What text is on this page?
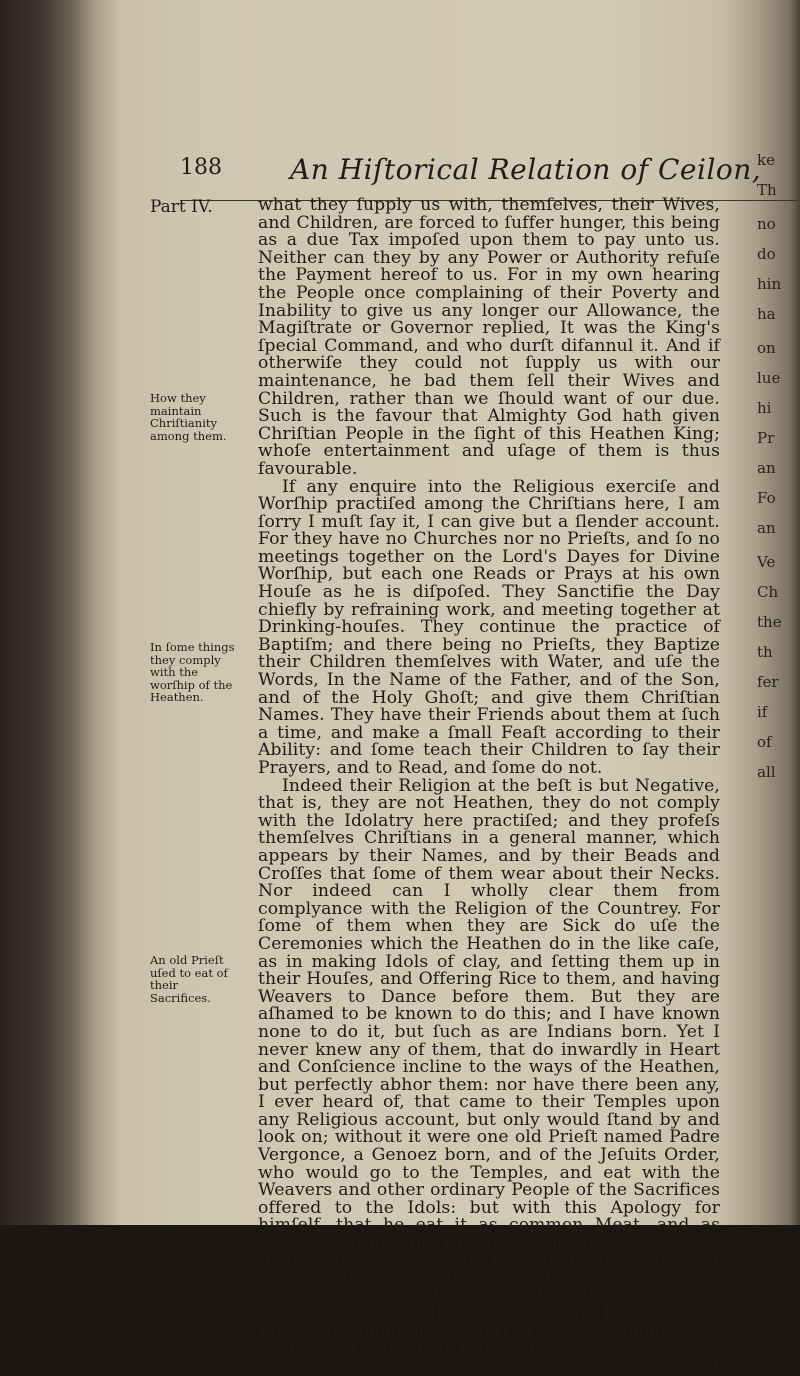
ke
Th
no
do
hin
ha
on
lue
hi
Pr
an
Fo
an
Ve
Ch
the
th
fer
if
of
all
188 An Hiſtorical Relation of Ceilon,
Part IV.
How they maintain Chriſtianity among them.
In ſome things they comply with the worſhip of the Heathen.
An old Prieſt uſed to eat of their Sacrifices.

what they ſupply us with, themſelves, their Wives, and Children, are forced to ſuffer hunger, this being as a due Tax impoſed upon them to pay unto us. Neither can they by any Power or Authority refuſe the Payment hereof to us. For in my own hearing the People once complaining of their Poverty and Inability to give us any longer our Allowance, the Magiſtrate or Governor replied, It was the King's ſpecial Command, and who durſt difannul it. And if otherwiſe they could not ſupply us with our maintenance, he bad them ſell their Wives and Children, rather than we ſhould want of our due. Such is the favour that Almighty God hath given Chriſtian People in the ſight of this Heathen King; whoſe entertainment and uſage of them is thus favourable.

If any enquire into the Religious exerciſe and Worſhip practiſed among the Chriſtians here, I am ſorry I muſt ſay it, I can give but a ſlender account. For they have no Churches nor no Prieſts, and ſo no meetings together on the Lord's Dayes for Divine Worſhip, but each one Reads or Prays at his own Houſe as he is diſpoſed. They Sanctifie the Day chiefly by refraining work, and meeting together at Drinking-houſes. They continue the practice of Baptiſm; and there being no Prieſts, they Baptize their Children themſelves with Water, and uſe the Words, In the Name of the Father, and of the Son, and of the Holy Ghoſt; and give them Chriſtian Names. They have their Friends about them at ſuch a time, and make a ſmall Feaſt according to their Ability: and ſome teach their Children to ſay their Prayers, and to Read, and ſome do not.

Indeed their Religion at the beſt is but Negative, that is, they are not Heathen, they do not comply with the Idolatry here practiſed; and they profeſs themſelves Chriſtians in a general manner, which appears by their Names, and by their Beads and Croſſes that ſome of them wear about their Necks. Nor indeed can I wholly clear them from complyance with the Religion of the Countrey. For ſome of them when they are Sick do uſe the Ceremonies which the Heathen do in the like caſe, as in making Idols of clay, and ſetting them up in their Houſes, and Offering Rice to them, and having Weavers to Dance before them. But they are aſhamed to be known to do this; and I have known none to do it, but ſuch as are Indians born. Yet I never knew any of them, that do inwardly in Heart and Conſcience incline to the ways of the Heathen, but perfectly abhor them: nor have there been any, I ever heard of, that came to their Temples upon any Religious account, but only would ſtand by and look on; without it were one old Prieſt named Padre Vergonce, a Genoez born, and of the Jeſuits Order, who would go to the Temples, and eat with the Weavers and other ordinary People of the Sacrifices offered to the Idols: but with this Apology for himſelf, that he eat it as common Meat, and as God's Creature, and that it was never the worſe for their Superſtition that had paſt upon it. But however this may reflect upon the Father, another thing may be related for his Honour. There happened two Prieſts to fall into the hands of the King; on whom he conferred great Honours; for having laid aſide their Habits they

kept
